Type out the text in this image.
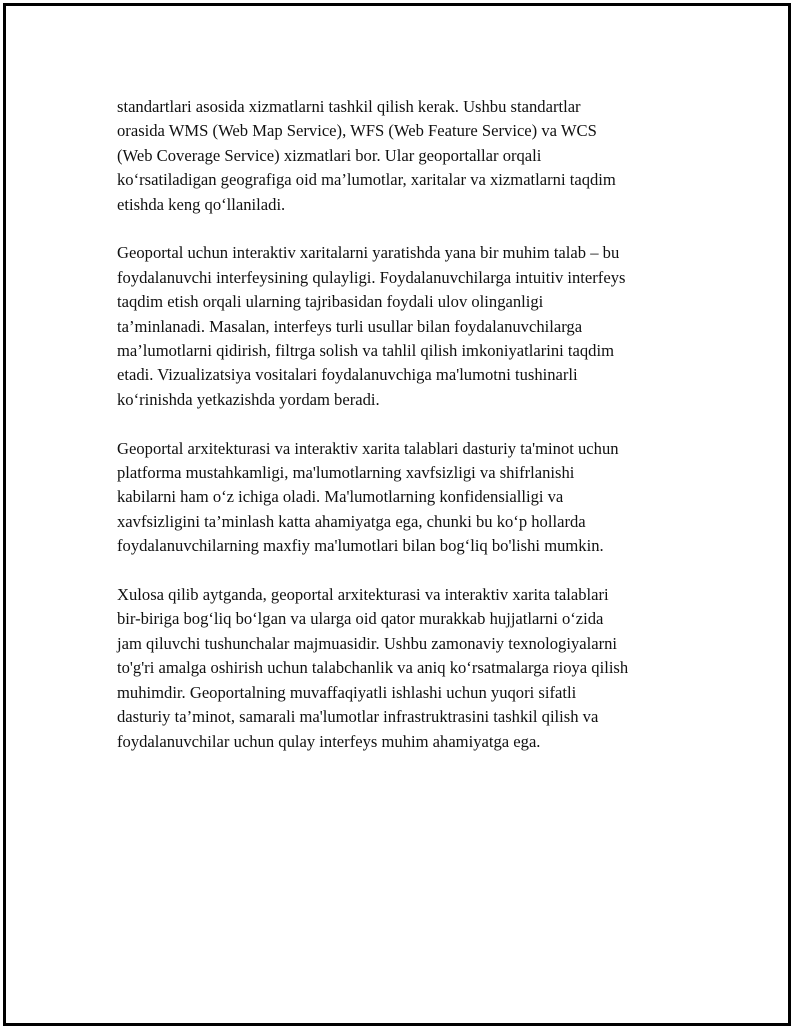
standartlari asosida xizmatlarni tashkil qilish kerak. Ushbu standartlar
orasida WMS (Web Map Service), WFS (Web Feature Service) va WCS
(Web Coverage Service) xizmatlari bor. Ular geoportallar orqali
ko‘rsatiladigan geografiga oid ma’lumotlar, xaritalar va xizmatlarni taqdim
etishda keng qo‘llaniladi.

Geoportal uchun interaktiv xaritalarni yaratishda yana bir muhim talab – bu
foydalanuvchi interfeysining qulayligi. Foydalanuvchilarga intuitiv interfeys
taqdim etish orqali ularning tajribasidan foydali ulov olinganligi
ta’minlanadi. Masalan, interfeys turli usullar bilan foydalanuvchilarga
ma’lumotlarni qidirish, filtrga solish va tahlil qilish imkoniyatlarini taqdim
etadi. Vizualizatsiya vositalari foydalanuvchiga ma'lumotni tushinarli
ko‘rinishda yetkazishda yordam beradi.

Geoportal arxitekturasi va interaktiv xarita talablari dasturiy ta'minot uchun
platforma mustahkamligi, ma'lumotlarning xavfsizligi va shifrlanishi
kabilarni ham o‘z ichiga oladi. Ma'lumotlarning konfidensialligi va
xavfsizligini ta’minlash katta ahamiyatga ega, chunki bu ko‘p hollarda
foydalanuvchilarning maxfiy ma'lumotlari bilan bog‘liq bo'lishi mumkin.

Xulosa qilib aytganda, geoportal arxitekturasi va interaktiv xarita talablari
bir-biriga bog‘liq bo‘lgan va ularga oid qator murakkab hujjatlarni o‘zida
jam qiluvchi tushunchalar majmuasidir. Ushbu zamonaviy texnologiyalarni
to'g'ri amalga oshirish uchun talabchanlik va aniq ko‘rsatmalarga rioya qilish
muhimdir. Geoportalning muvaffaqiyatli ishlashi uchun yuqori sifatli
dasturiy ta’minot, samarali ma'lumotlar infrastruktrasini tashkil qilish va
foydalanuvchilar uchun qulay interfeys muhim ahamiyatga ega.
